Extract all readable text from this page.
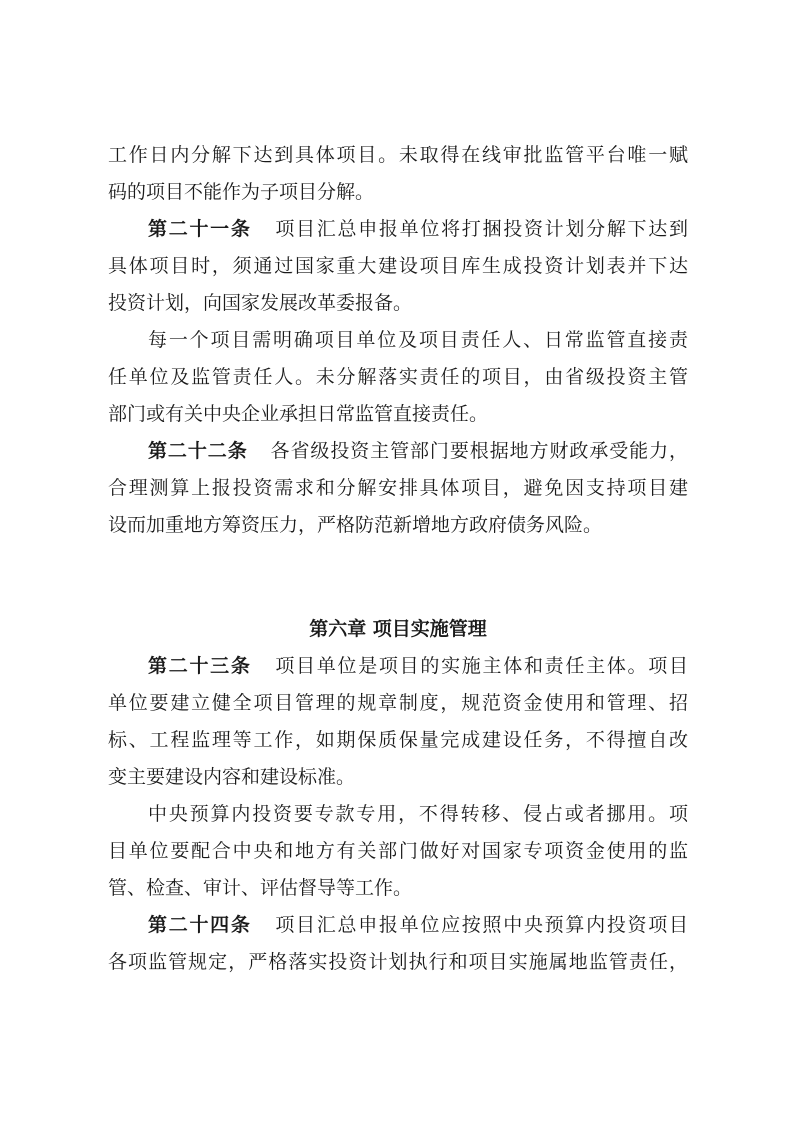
工作日内分解下达到具体项目。未取得在线审批监管平台唯一赋
码的项目不能作为子项目分解。
第二十一条 项目汇总申报单位将打捆投资计划分解下达到
具体项目时，须通过国家重大建设项目库生成投资计划表并下达
投资计划，向国家发展改革委报备。
每一个项目需明确项目单位及项目责任人、日常监管直接责
任单位及监管责任人。未分解落实责任的项目，由省级投资主管
部门或有关中央企业承担日常监管直接责任。
第二十二条 各省级投资主管部门要根据地方财政承受能力，
合理测算上报投资需求和分解安排具体项目，避免因支持项目建
设而加重地方筹资压力，严格防范新增地方政府债务风险。
第六章 项目实施管理
第二十三条 项目单位是项目的实施主体和责任主体。项目
单位要建立健全项目管理的规章制度，规范资金使用和管理、招
标、工程监理等工作，如期保质保量完成建设任务，不得擅自改
变主要建设内容和建设标准。
中央预算内投资要专款专用，不得转移、侵占或者挪用。项
目单位要配合中央和地方有关部门做好对国家专项资金使用的监
管、检查、审计、评估督导等工作。
第二十四条 项目汇总申报单位应按照中央预算内投资项目
各项监管规定，严格落实投资计划执行和项目实施属地监管责任，
